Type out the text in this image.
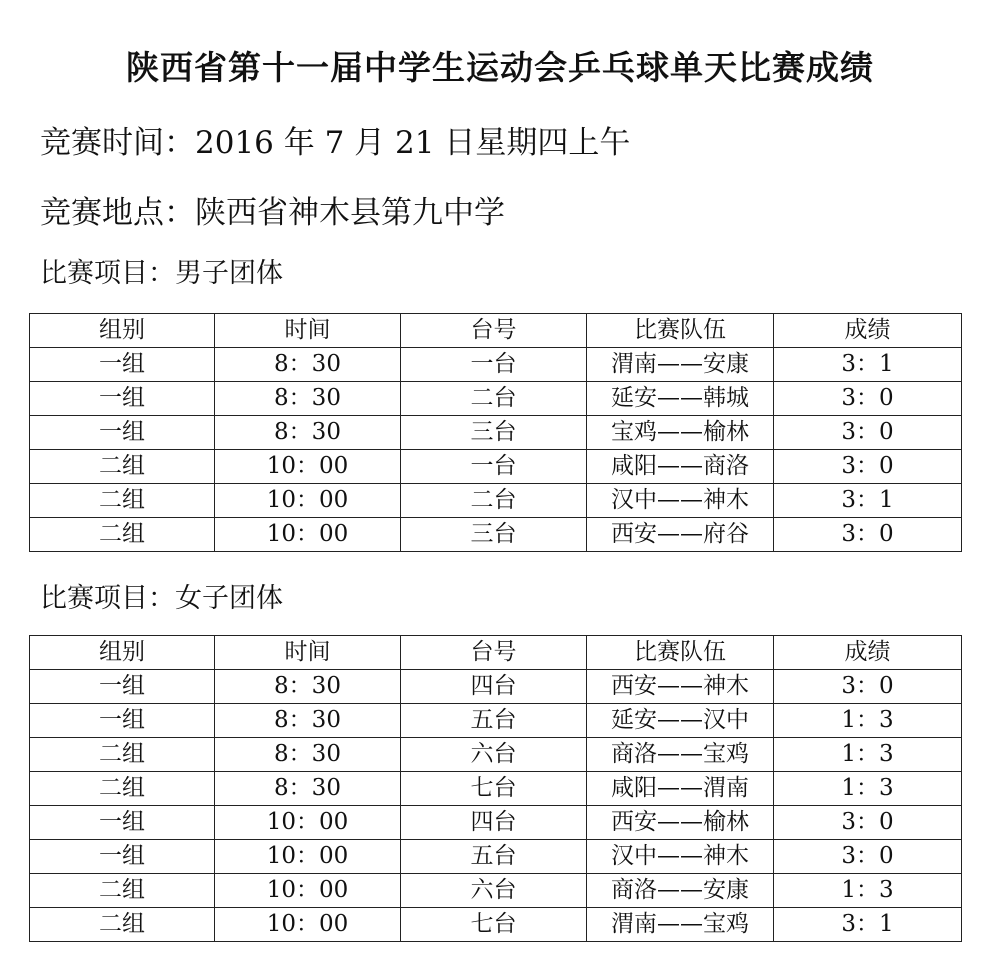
陕西省第十一届中学生运动会乒乓球单天比赛成绩
竞赛时间：2016 年 7 月 21 日星期四上午
竞赛地点：陕西省神木县第九中学
比赛项目：男子团体
组别	时间	台号	比赛队伍	成绩
一组	8：30	一台	渭南——安康	3：1
一组	8：30	二台	延安——韩城	3：0
一组	8：30	三台	宝鸡——榆林	3：0
二组	10：00	一台	咸阳——商洛	3：0
二组	10：00	二台	汉中——神木	3：1
二组	10：00	三台	西安——府谷	3：0
比赛项目：女子团体
组别	时间	台号	比赛队伍	成绩
一组	8：30	四台	西安——神木	3：0
一组	8：30	五台	延安——汉中	1：3
二组	8：30	六台	商洛——宝鸡	1：3
二组	8：30	七台	咸阳——渭南	1：3
一组	10：00	四台	西安——榆林	3：0
一组	10：00	五台	汉中——神木	3：0
二组	10：00	六台	商洛——安康	1：3
二组	10：00	七台	渭南——宝鸡	3：1
